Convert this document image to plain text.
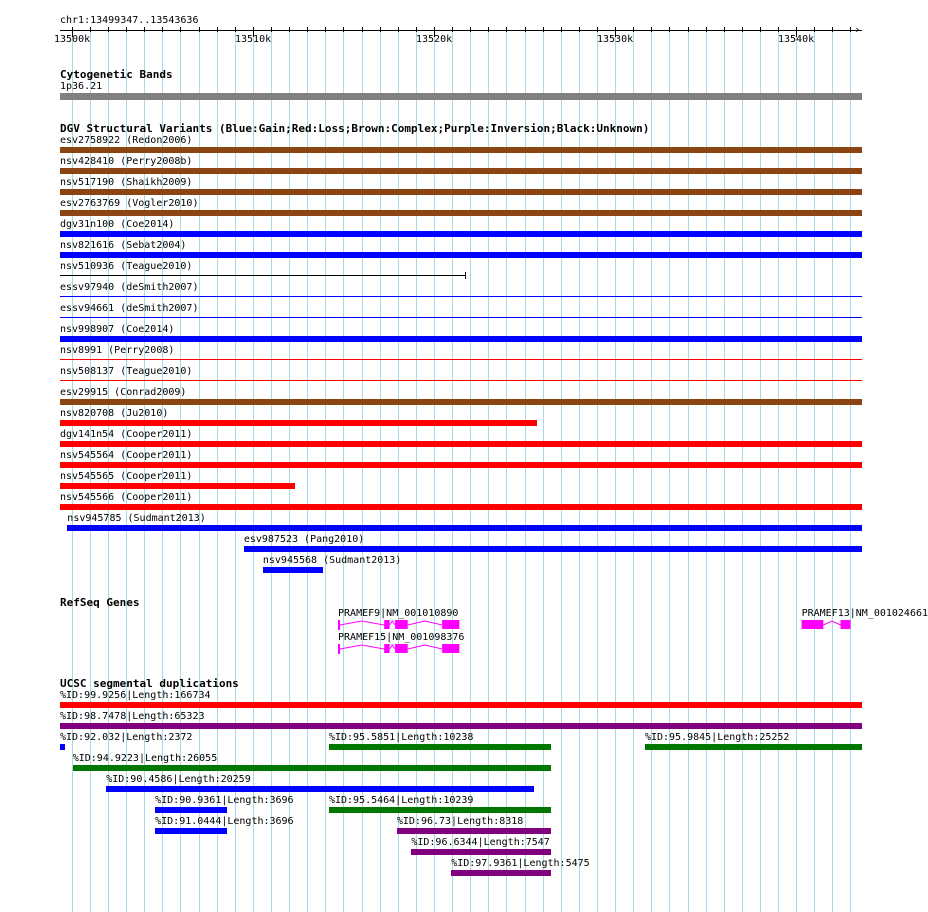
chr1:13499347..13543636
›
13500k	13510k	13520k	13530k	13540k
Cytogenetic Bands
1p36.21
DGV Structural Variants (Blue:Gain;Red:Loss;Brown:Complex;Purple:Inversion;Black:Unknown)
esv2758922 (Redon2006)
nsv428410 (Perry2008b)
nsv517190 (Shaikh2009)
esv2763769 (Vogler2010)
dgv31n100 (Coe2014)
nsv821616 (Sebat2004)
nsv510936 (Teague2010)
essv97940 (deSmith2007)
essv94661 (deSmith2007)
nsv998907 (Coe2014)
nsv8991 (Perry2008)
nsv508137 (Teague2010)
esv29915 (Conrad2009)
nsv820708 (Ju2010)
dgv141n54 (Cooper2011)
nsv545564 (Cooper2011)
nsv545565 (Cooper2011)
nsv545566 (Cooper2011)
nsv945785 (Sudmant2013)
esv987523 (Pang2010)
nsv945568 (Sudmant2013)
RefSeq Genes
PRAMEF9|NM_001010890
PRAMEF15|NM_001098376
PRAMEF13|NM_001024661
UCSC segmental duplications
%ID:99.9256|Length:166734
%ID:98.7478|Length:65323
%ID:92.032|Length:2372	%ID:95.5851|Length:10238	%ID:95.9845|Length:25252
%ID:94.9223|Length:26055
%ID:90.4586|Length:20259
%ID:90.9361|Length:3696	%ID:95.5464|Length:10239
%ID:91.0444|Length:3696	%ID:96.73|Length:8318
%ID:96.6344|Length:7547
%ID:97.9361|Length:5475
